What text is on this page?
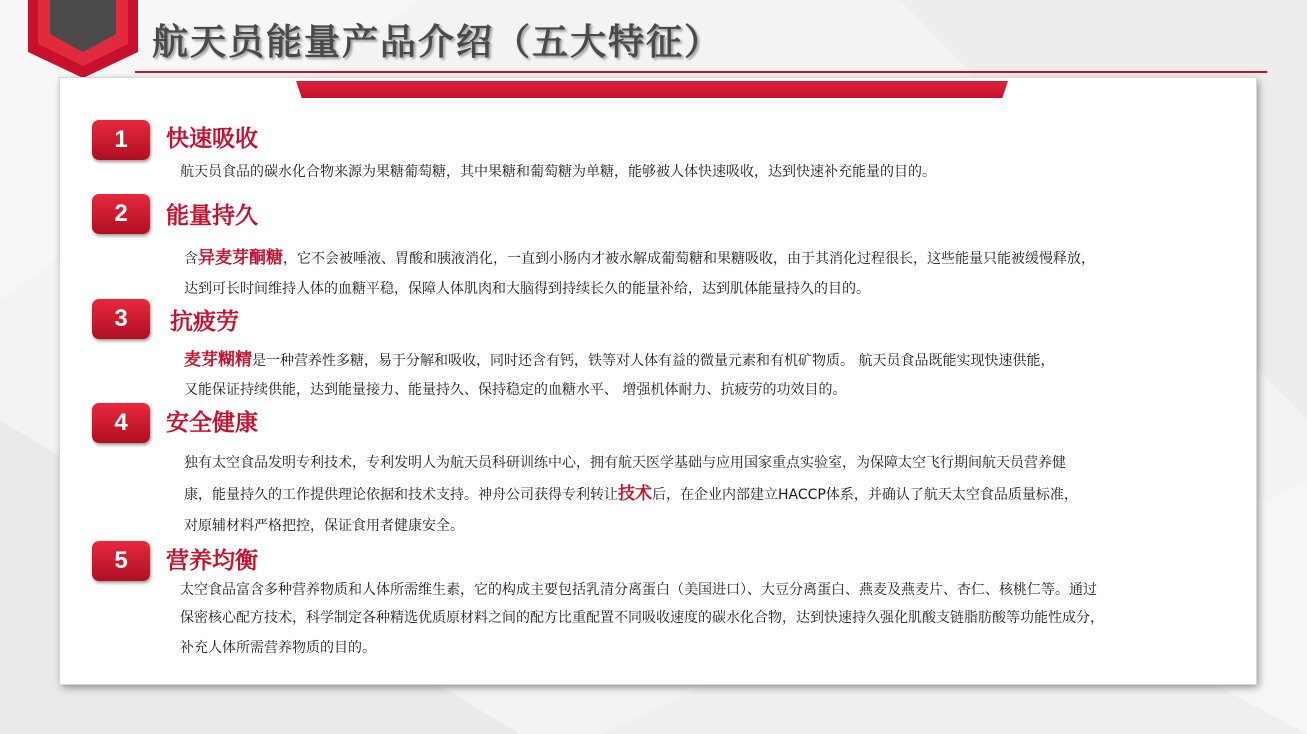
航天员能量产品介绍（五大特征）
1	快速吸收

航天员食品的碳水化合物来源为果糖葡萄糖，其中果糖和葡萄糖为单糖，能够被人体快速吸收，达到快速补充能量的目的。

2	能量持久

含异麦芽酮糖，它不会被唾液、胃酸和胰液消化，一直到小肠内才被水解成葡萄糖和果糖吸收，由于其消化过程很长，这些能量只能被缓慢释放，

达到可长时间维持人体的血糖平稳，保障人体肌肉和大脑得到持续长久的能量补给，达到肌体能量持久的目的。

3	抗疲劳

麦芽糊精是一种营养性多糖，易于分解和吸收，同时还含有钙，铁等对人体有益的微量元素和有机矿物质。 航天员食品既能实现快速供能，

又能保证持续供能，达到能量接力、能量持久、保持稳定的血糖水平、 增强机体耐力、抗疲劳的功效目的。

4	安全健康

独有太空食品发明专利技术，专利发明人为航天员科研训练中心，拥有航天医学基础与应用国家重点实验室，为保障太空飞行期间航天员营养健

康，能量持久的工作提供理论依据和技术支持。神舟公司获得专利转让技术后，在企业内部建立HACCP体系，并确认了航天太空食品质量标准，

对原辅材料严格把控，保证食用者健康安全。

5	营养均衡

太空食品富含多种营养物质和人体所需维生素，它的构成主要包括乳清分离蛋白（美国进口）、大豆分离蛋白、燕麦及燕麦片、杏仁、核桃仁等。通过

保密核心配方技术，科学制定各种精选优质原材料之间的配方比重配置不同吸收速度的碳水化合物，达到快速持久强化肌酸支链脂肪酸等功能性成分，

补充人体所需营养物质的目的。
